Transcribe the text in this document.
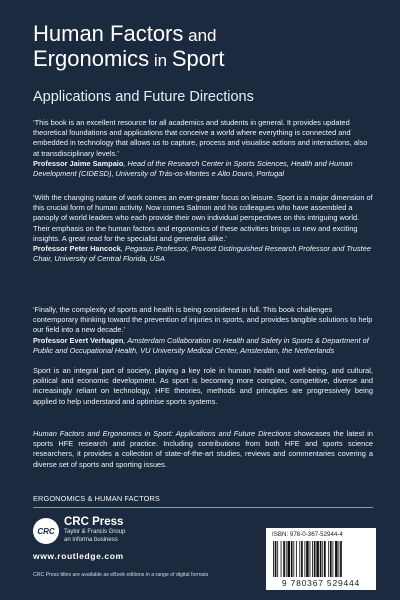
Human Factors and
Ergonomics in Sport
Applications and Future Directions

‘This book is an excellent resource for all academics and students in general. It provides updated theoretical foundations and applications that conceive a world where everything is connected and embedded in technology that allows us to capture, process and visualise actions and interactions, also at transdisciplinary levels.’

Professor Jaime Sampaio, Head of the Research Center in Sports Sciences, Health and Human Development (CIDESD), University of Trás-os-Montes e Alto Douro, Portugal

‘With the changing nature of work comes an ever-greater focus on leisure. Sport is a major dimension of this crucial form of human activity. Now comes Salmon and his colleagues who have assembled a panoply of world leaders who each provide their own individual perspectives on this intriguing world. Their emphasis on the human factors and ergonomics of these activities brings us new and exciting insights. A great read for the specialist and generalist alike.’

Professor Peter Hancock, Pegasus Professor, Provost Distinguished Research Professor and Trustee Chair, University of Central Florida, USA

‘Finally, the complexity of sports and health is being considered in full. This book challenges contemporary thinking toward the prevention of injuries in sports, and provides tangible solutions to help our field into a new decade.’

Professor Evert Verhagen, Amsterdam Collaboration on Health and Safety in Sports & Department of Public and Occupational Health, VU University Medical Center, Amsterdam, the Netherlands

Sport is an integral part of society, playing a key role in human health and well-being, and cultural, political and economic development. As sport is becoming more complex, competitive, diverse and increasingly reliant on technology, HFE theories, methods and principles are progressively being applied to help understand and optimise sports systems.
Human Factors and Ergonomics in Sport: Applications and Future Directions showcases the latest in sports HFE research and practice. Including contributions from both HFE and sports science researchers, it provides a collection of state-of-the-art studies, reviews and commentaries covering a diverse set of sports and sporting issues.
ERGONOMICS & HUMAN FACTORS
CRC
CRC Press
Taylor & Francis Group
an informa business
www.routledge.com
CRC Press titles are available as eBook editions in a range of digital formats
ISBN: 978-0-367-52944-4
9 780367 529444
